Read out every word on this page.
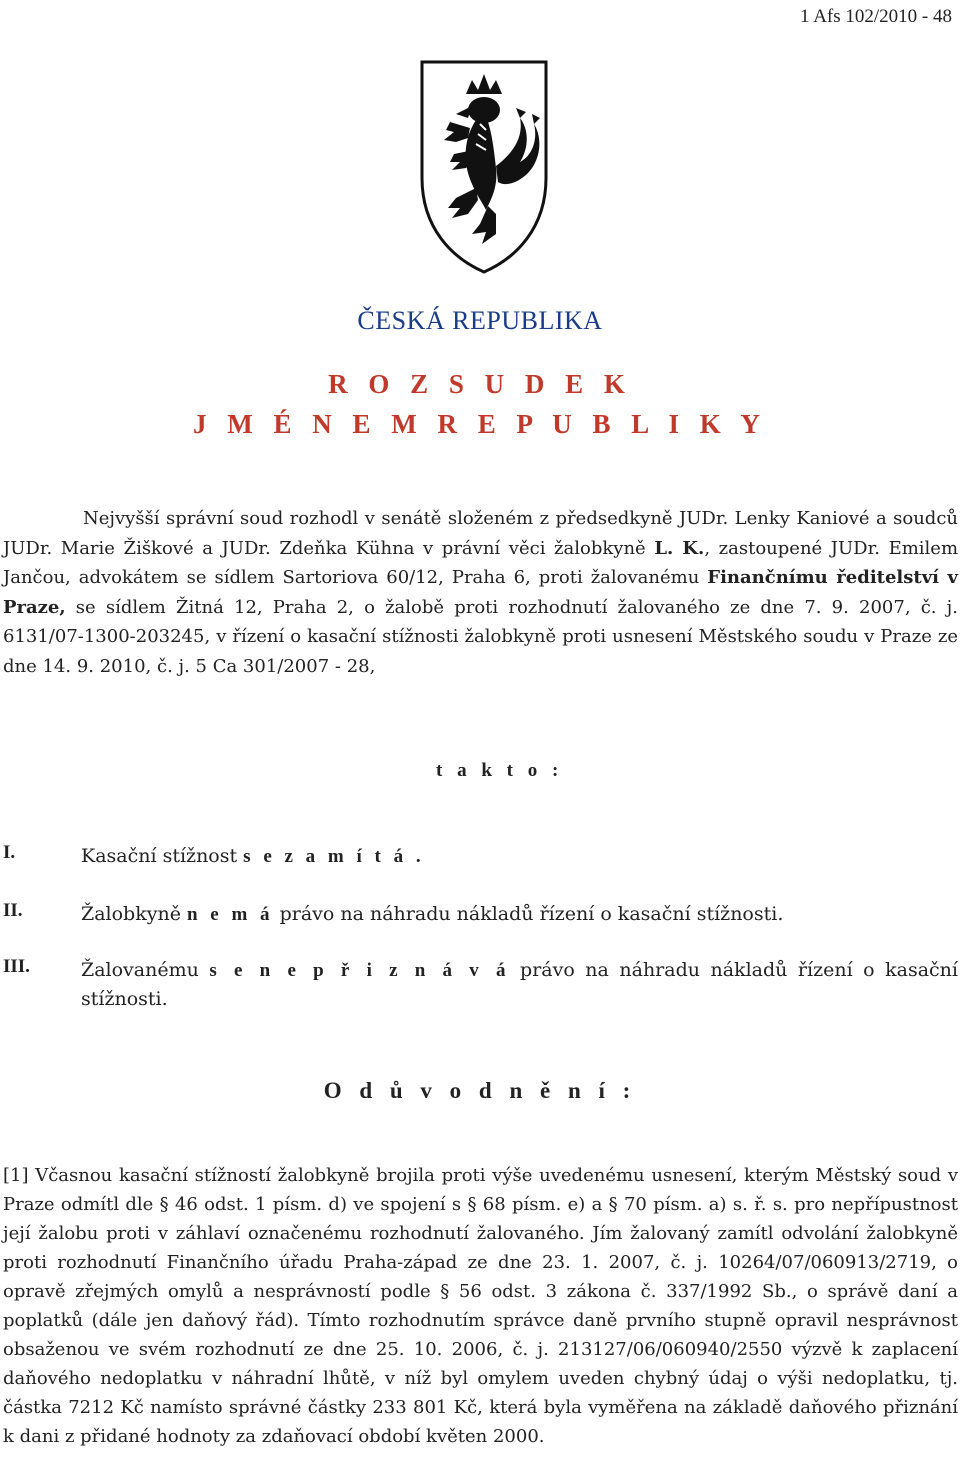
1 Afs 102/2010 - 48
ČESKÁ REPUBLIKA
R O Z S U D E K
J M É N E M R E P U B L I K Y
Nejvyšší správní soud rozhodl v senátě složeném z předsedkyně JUDr. Lenky Kaniové a soudců JUDr. Marie Žiškové a JUDr. Zdeňka Kühna v právní věci žalobkyně L. K., zastoupené JUDr. Emilem Jančou, advokátem se sídlem Sartoriova 60/12, Praha 6, proti žalovanému Finančnímu ředitelství v Praze, se sídlem Žitná 12, Praha 2, o žalobě proti rozhodnutí žalovaného ze dne 7. 9. 2007, č. j. 6131/07-1300-203245, v řízení o kasační stížnosti žalobkyně proti usnesení Městského soudu v Praze ze dne 14. 9. 2010, č. j. 5 Ca 301/2007 - 28,
t a k t o :
I.	Kasační stížnost s e z a m í t á .
II.	Žalobkyně n e m á právo na náhradu nákladů řízení o kasační stížnosti.
III.	Žalovanému s e n e p ř i z n á v á právo na náhradu nákladů řízení o kasační stížnosti.
O d ů v o d n ě n í :
[1] Včasnou kasační stížností žalobkyně brojila proti výše uvedenému usnesení, kterým Městský soud v Praze odmítl dle § 46 odst. 1 písm. d) ve spojení s § 68 písm. e) a § 70 písm. a) s. ř. s. pro nepřípustnost její žalobu proti v záhlaví označenému rozhodnutí žalovaného. Jím žalovaný zamítl odvolání žalobkyně proti rozhodnutí Finančního úřadu Praha-západ ze dne 23. 1. 2007, č. j. 10264/07/060913/2719, o opravě zřejmých omylů a nesprávností podle § 56 odst. 3 zákona č. 337/1992 Sb., o správě daní a poplatků (dále jen daňový řád). Tímto rozhodnutím správce daně prvního stupně opravil nesprávnost obsaženou ve svém rozhodnutí ze dne 25. 10. 2006, č. j. 213127/06/060940/2550 výzvě k zaplacení daňového nedoplatku v náhradní lhůtě, v níž byl omylem uveden chybný údaj o výši nedoplatku, tj. částka 7212 Kč namísto správné částky 233 801 Kč, která byla vyměřena na základě daňového přiznání k dani z přidané hodnoty za zdaňovací období květen 2000.
